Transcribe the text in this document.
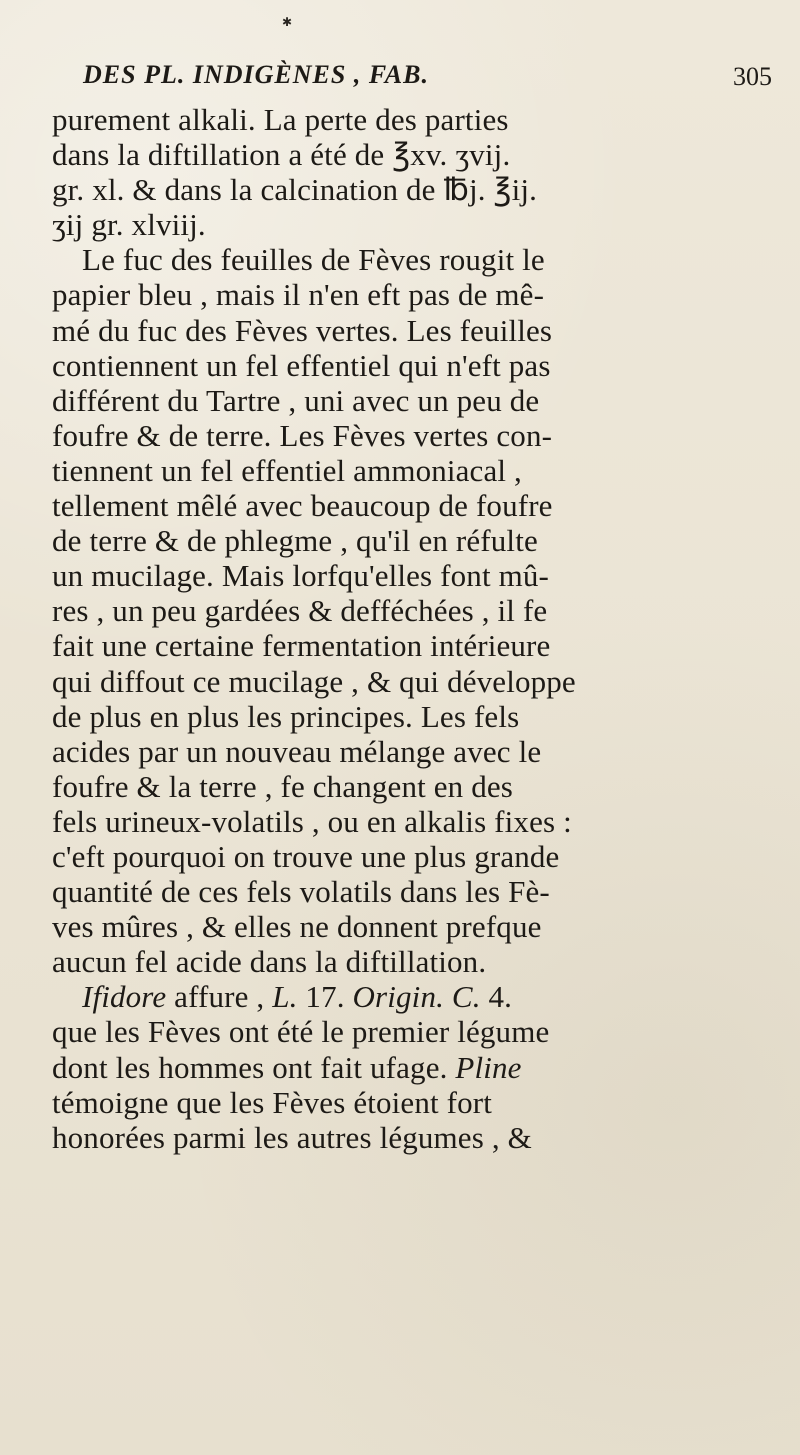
✱
DES PL. INDIGÈNES , FAB.	305
purement alkali. La perte des parties
dans la diftillation a été de ℥xv. ʒvij.
gr. xl. & dans la calcination de ℔j. ℥ij.
ʒij gr. xlviij.
Le fuc des feuilles de Fèves rougit le
papier bleu , mais il n'en eft pas de mê-
mé du fuc des Fèves vertes. Les feuilles
contiennent un fel effentiel qui n'eft pas
différent du Tartre , uni avec un peu de
foufre & de terre. Les Fèves vertes con-
tiennent un fel effentiel ammoniacal ,
tellement mêlé avec beaucoup de foufre
de terre & de phlegme , qu'il en réfulte
un mucilage. Mais lorfqu'elles font mû-
res , un peu gardées & defféchées , il fe
fait une certaine fermentation intérieure
qui diffout ce mucilage , & qui développe
de plus en plus les principes. Les fels
acides par un nouveau mélange avec le
foufre & la terre , fe changent en des
fels urineux-volatils , ou en alkalis fixes :
c'eft pourquoi on trouve une plus grande
quantité de ces fels volatils dans les Fè-
ves mûres , & elles ne donnent prefque
aucun fel acide dans la diftillation.
Ifidore affure , L. 17. Origin. C. 4.
que les Fèves ont été le premier légume
dont les hommes ont fait ufage. Pline
témoigne que les Fèves étoient fort
honorées parmi les autres légumes , &
